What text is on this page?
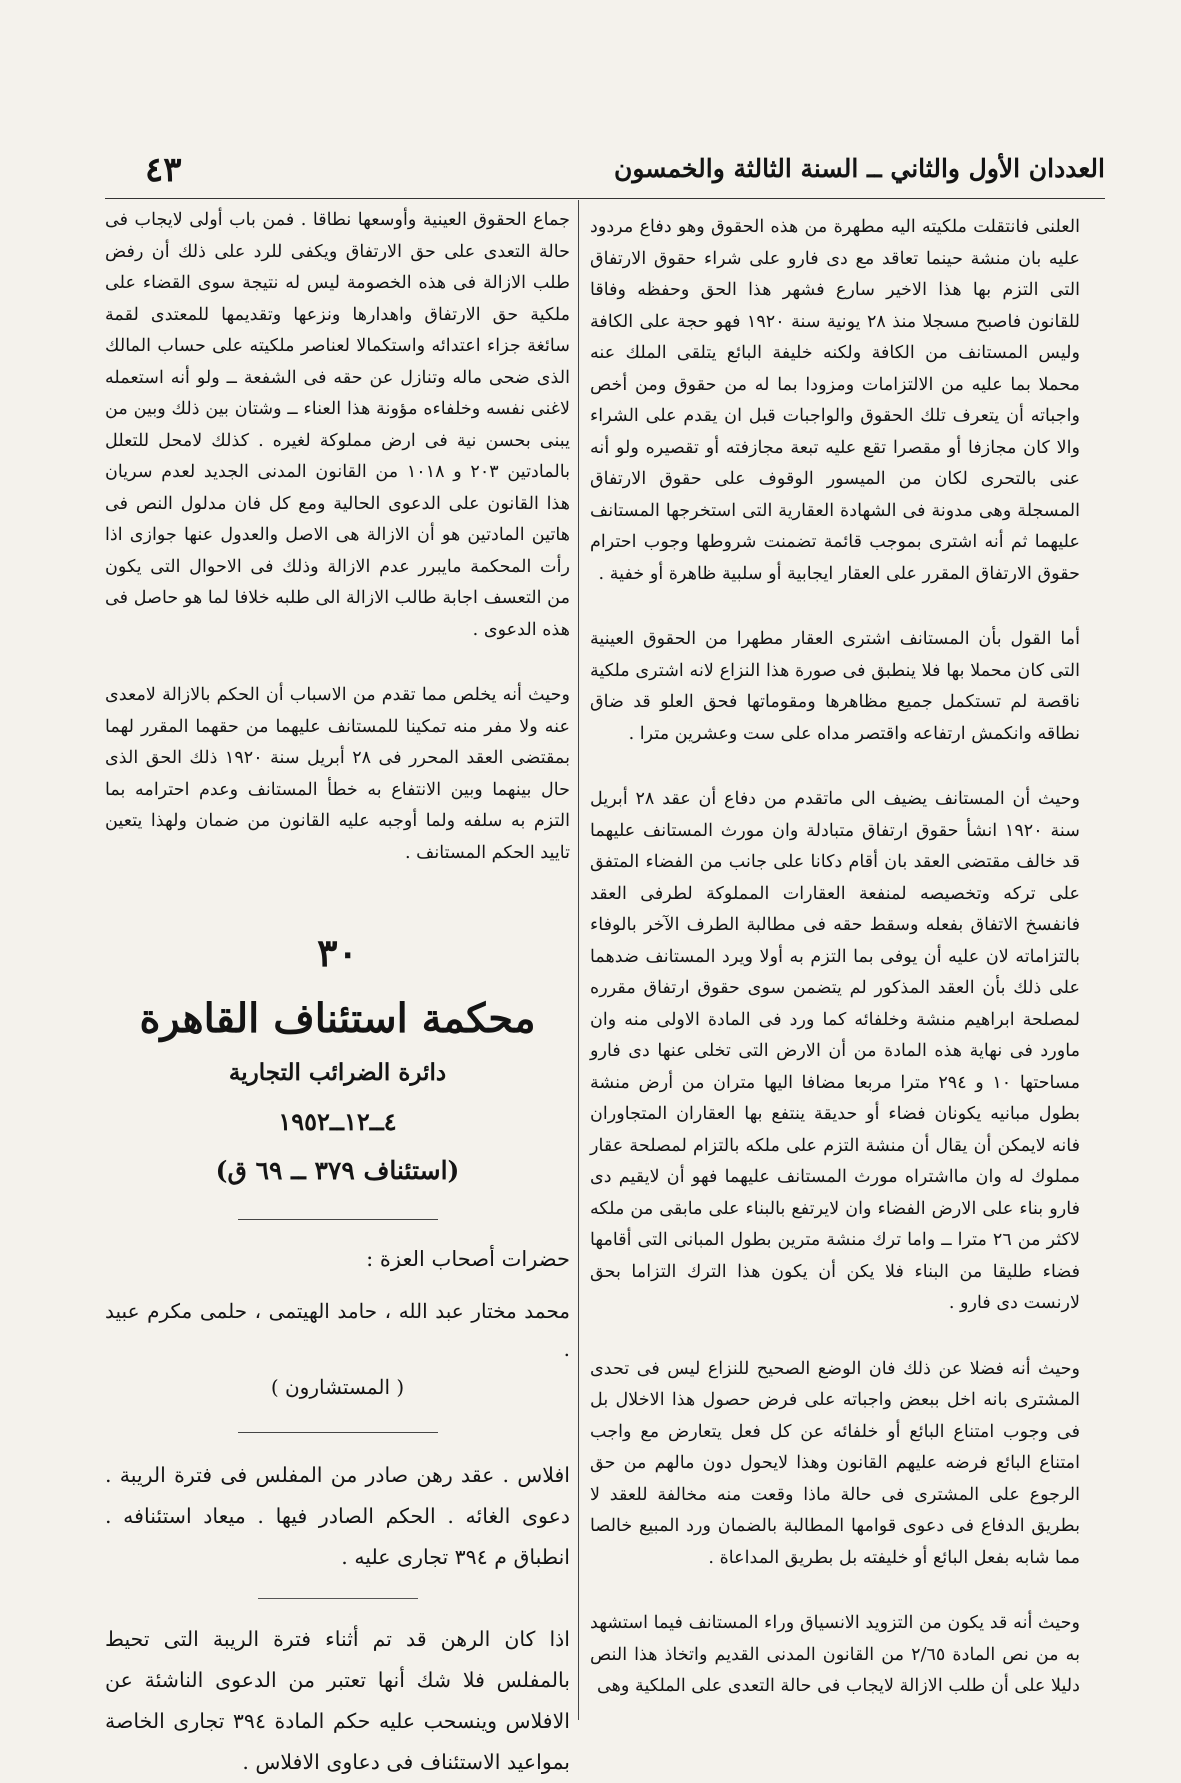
العددان الأول والثاني ــ السنة الثالثة والخمسون
٤٣

العلنى فانتقلت ملكيته اليه مطهرة من هذه الحقوق وهو دفاع مردود عليه بان منشة حينما تعاقد مع دى فارو على شراء حقوق الارتفاق التى التزم بها هذا الاخير سارع فشهر هذا الحق وحفظه وفاقا للقانون فاصبح مسجلا منذ ٢٨ يونية سنة ١٩٢٠ فهو حجة على الكافة وليس المستانف من الكافة ولكنه خليفة البائع يتلقى الملك عنه محملا بما عليه من الالتزامات ومزودا بما له من حقوق ومن أخص واجباته أن يتعرف تلك الحقوق والواجبات قبل ان يقدم على الشراء والا كان مجازفا أو مقصرا تقع عليه تبعة مجازفته أو تقصيره ولو أنه عنى بالتحرى لكان من الميسور الوقوف على حقوق الارتفاق المسجلة وهى مدونة فى الشهادة العقارية التى استخرجها المستانف عليهما ثم أنه اشترى بموجب قائمة تضمنت شروطها وجوب احترام حقوق الارتفاق المقرر على العقار ايجابية أو سلبية ظاهرة أو خفية .

أما القول بأن المستانف اشترى العقار مطهرا من الحقوق العينية التى كان محملا بها فلا ينطبق فى صورة هذا النزاع لانه اشترى ملكية ناقصة لم تستكمل جميع مظاهرها ومقوماتها فحق العلو قد ضاق نطاقه وانكمش ارتفاعه واقتصر مداه على ست وعشرين مترا .

وحيث أن المستانف يضيف الى ماتقدم من دفاع أن عقد ٢٨ أبريل سنة ١٩٢٠ انشأ حقوق ارتفاق متبادلة وان مورث المستانف عليهما قد خالف مقتضى العقد بان أقام دكانا على جانب من الفضاء المتفق على تركه وتخصيصه لمنفعة العقارات المملوكة لطرفى العقد فانفسخ الاتفاق بفعله وسقط حقه فى مطالبة الطرف الآخر بالوفاء بالتزاماته لان عليه أن يوفى بما التزم به أولا ويرد المستانف ضدهما على ذلك بأن العقد المذكور لم يتضمن سوى حقوق ارتفاق مقرره لمصلحة ابراهيم منشة وخلفائه كما ورد فى المادة الاولى منه وان ماورد فى نهاية هذه المادة من أن الارض التى تخلى عنها دى فارو مساحتها ١٠ و ٢٩٤ مترا مربعا مضافا اليها متران من أرض منشة بطول مبانيه يكونان فضاء أو حديقة ينتفع بها العقاران المتجاوران فانه لايمكن أن يقال أن منشة التزم على ملكه بالتزام لمصلحة عقار مملوك له وان مااشتراه مورث المستانف عليهما فهو أن لايقيم دى فارو بناء على الارض الفضاء وان لايرتفع بالبناء على مابقى من ملكه لاكثر من ٢٦ مترا ــ واما ترك منشة مترين بطول المبانى التى أقامها فضاء طليقا من البناء فلا يكن أن يكون هذا الترك التزاما بحق لارنست دى فارو .

وحيث أنه فضلا عن ذلك فان الوضع الصحيح للنزاع ليس فى تحدى المشترى بانه اخل ببعض واجباته على فرض حصول هذا الاخلال بل فى وجوب امتناع البائع أو خلفائه عن كل فعل يتعارض مع واجب امتناع البائع فرضه عليهم القانون وهذا لايحول دون مالهم من حق الرجوع على المشترى فى حالة ماذا وقعت منه مخالفة للعقد لا بطريق الدفاع فى دعوى قوامها المطالبة بالضمان ورد المبيع خالصا مما شابه بفعل البائع أو خليفته بل بطريق المداعاة .

وحيث أنه قد يكون من التزويد الانسياق وراء المستانف فيما استشهد به من نص المادة ٢/٦٥ من القانون المدنى القديم واتخاذ هذا النص دليلا على أن طلب الازالة لايجاب فى حالة التعدى على الملكية وهى

جماع الحقوق العينية وأوسعها نطاقا . فمن باب أولى لايجاب فى حالة التعدى على حق الارتفاق ويكفى للرد على ذلك أن رفض طلب الازالة فى هذه الخصومة ليس له نتيجة سوى القضاء على ملكية حق الارتفاق واهدارها ونزعها وتقديمها للمعتدى لقمة سائغة جزاء اعتدائه واستكمالا لعناصر ملكيته على حساب المالك الذى ضحى ماله وتنازل عن حقه فى الشفعة ــ ولو أنه استعمله لاغنى نفسه وخلفاءه مؤونة هذا العناء ــ وشتان بين ذلك وبين من يبنى بحسن نية فى ارض مملوكة لغيره . كذلك لامحل للتعلل بالمادتين ٢٠٣ و ١٠١٨ من القانون المدنى الجديد لعدم سريان هذا القانون على الدعوى الحالية ومع كل فان مدلول النص فى هاتين المادتين هو أن الازالة هى الاصل والعدول عنها جوازى اذا رأت المحكمة مايبرر عدم الازالة وذلك فى الاحوال التى يكون من التعسف اجابة طالب الازالة الى طلبه خلافا لما هو حاصل فى هذه الدعوى .

وحيث أنه يخلص مما تقدم من الاسباب أن الحكم بالازالة لامعدى عنه ولا مفر منه تمكينا للمستانف عليهما من حقهما المقرر لهما بمقتضى العقد المحرر فى ٢٨ أبريل سنة ١٩٢٠ ذلك الحق الذى حال بينهما وبين الانتفاع به خطأ المستانف وعدم احترامه بما التزم به سلفه ولما أوجبه عليه القانون من ضمان ولهذا يتعين تاييد الحكم المستانف .

٣٠
محكمة استئناف القاهرة
دائرة الضرائب التجارية
٤ــ١٢ــ١٩٥٢
(استئناف ٣٧٩ ــ ٦٩ ق)
حضرات أصحاب العزة :
محمد مختار عبد الله ، حامد الهيتمى ، حلمى مكرم عبيد .
( المستشارون )
افلاس . عقد رهن صادر من المفلس فى فترة الريبة . دعوى الغائه . الحكم الصادر فيها . ميعاد استئنافه . انطباق م ٣٩٤ تجارى عليه .
اذا كان الرهن قد تم أثناء فترة الريبة التى تحيط بالمفلس فلا شك أنها تعتبر من الدعوى الناشئة عن الافلاس وينسحب عليه حكم المادة ٣٩٤ تجارى الخاصة بمواعيد الاستئناف فى دعاوى الافلاس .
